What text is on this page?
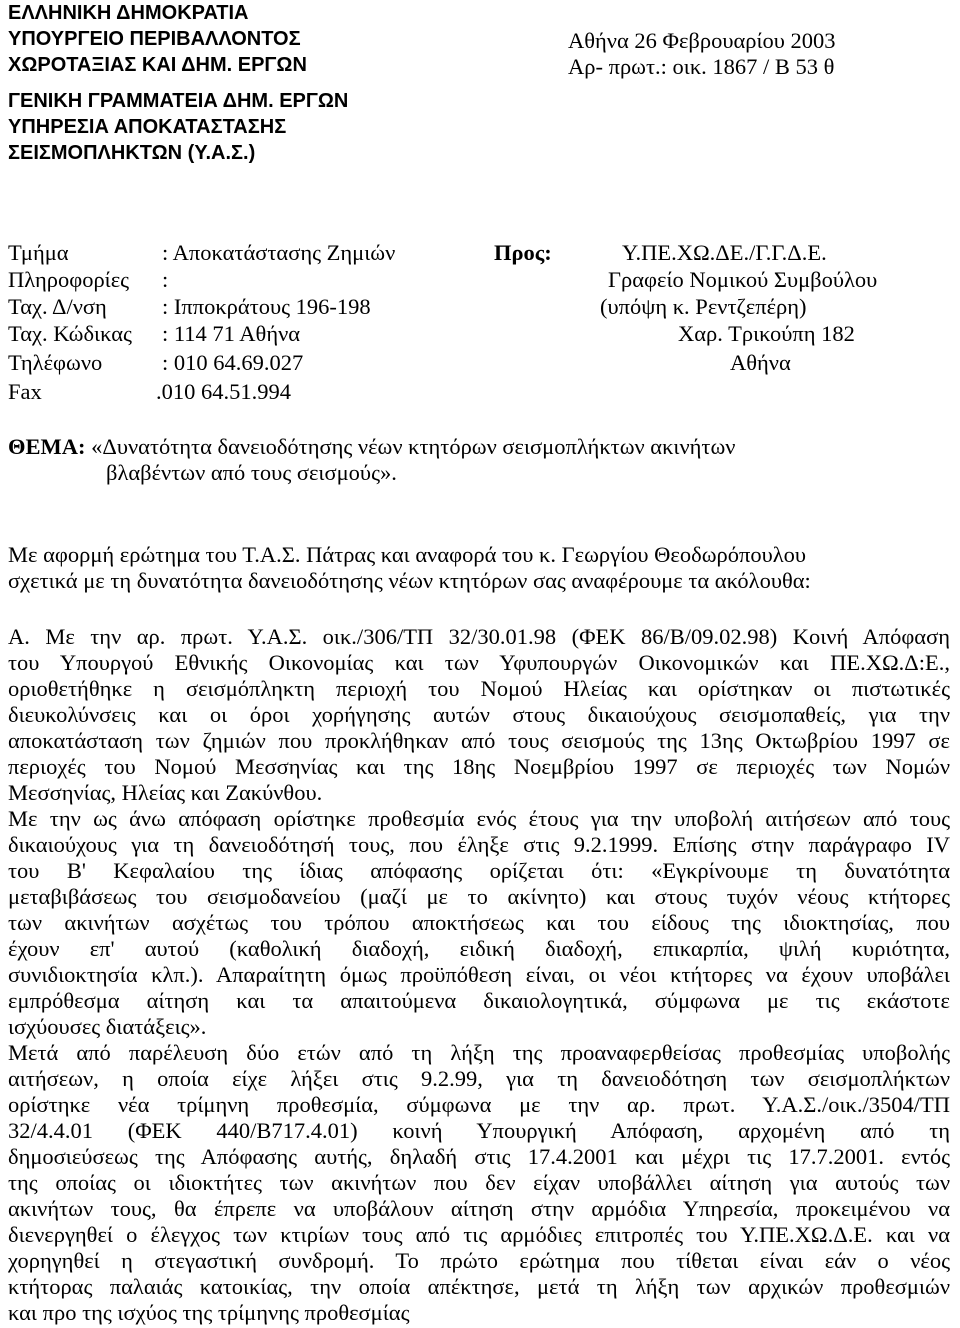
ΕΛΛΗΝΙΚΗ ΔΗΜΟΚΡΑΤΙΑ
ΥΠΟΥΡΓΕΙΟ ΠΕΡΙΒΑΛΛΟΝΤΟΣ
ΧΩΡΟΤΑΞΙΑΣ ΚΑΙ ΔΗΜ. ΕΡΓΩΝ
ΓΕΝΙΚΗ ΓΡΑΜΜΑΤΕΙΑ ΔΗΜ. ΕΡΓΩΝ
ΥΠΗΡΕΣΙΑ ΑΠΟΚΑΤΑΣΤΑΣΗΣ
ΣΕΙΣΜΟΠΛΗΚΤΩΝ (Υ.Α.Σ.)
Αθήνα 26 Φεβρουαρίου 2003
Αρ- πρωτ.: οικ. 1867 / Β 53 θ
Τμήμα	: Αποκατάστασης Ζημιών
Πληροφορίες :
Ταχ. Δ/νση : Ιπποκράτους 196-198
Ταχ. Κώδικας : 114 71 Αθήνα
Τηλέφωνο	: 010 64.69.027
Fax	.010 64.51.994
Προς:	Υ.ΠΕ.ΧΩ.ΔΕ./Γ.Γ.Δ.Ε.
Γραφείο Νομικού Συμβούλου
(υπόψη κ. Ρεντζεπέρη)
Χαρ. Τρικούπη 182
Αθήνα
ΘΕΜΑ: «Δυνατότητα δανειοδότησης νέων κτητόρων σεισμοπλήκτων ακινήτων
βλαβέντων από τους σεισμούς».
Με αφορμή ερώτημα του Τ.Α.Σ. Πάτρας και αναφορά του κ. Γεωργίου Θεοδωρόπουλου
σχετικά με τη δυνατότητα δανειοδότησης νέων κτητόρων σας αναφέρουμε τα ακόλουθα:
Α. Με την αρ. πρωτ. Υ.Α.Σ. οικ./306/ΤΠ 32/30.01.98 (ΦΕΚ 86/Β/09.02.98) Κοινή Απόφαση
του Υπουργού Εθνικής Οικονομίας και των Υφυπουργών Οικονομικών και ΠΕ.ΧΩ.Δ:Ε.,
οριοθετήθηκε η σεισμόπληκτη περιοχή του Νομού Ηλείας και ορίστηκαν οι πιστωτικές
διευκολύνσεις και οι όροι χορήγησης αυτών στους δικαιούχους σεισμοπαθείς, για την
αποκατάσταση των ζημιών που προκλήθηκαν από τους σεισμούς της 13ης Οκτωβρίου 1997 σε
περιοχές του Νομού Μεσσηνίας και της 18ης Νοεμβρίου 1997 σε περιοχές των Νομών
Μεσσηνίας, Ηλείας και Ζακύνθου.
Με την ως άνω απόφαση ορίστηκε προθεσμία ενός έτους για την υποβολή αιτήσεων από τους
δικαιούχους για τη δανειοδότησή τους, που έληξε στις 9.2.1999. Επίσης στην παράγραφο IV
του Β' Κεφαλαίου της ίδιας απόφασης ορίζεται ότι: «Εγκρίνουμε τη δυνατότητα
μεταβιβάσεως του σεισμοδανείου (μαζί με το ακίνητο) και στους τυχόν νέους κτήτορες
των ακινήτων ασχέτως του τρόπου αποκτήσεως και του είδους της ιδιοκτησίας, που
έχουν επ' αυτού (καθολική διαδοχή, ειδική διαδοχή, επικαρπία, ψιλή κυριότητα,
συνιδιοκτησία κλπ.). Απαραίτητη όμως προϋπόθεση είναι, οι νέοι κτήτορες να έχουν υποβάλει
εμπρόθεσμα αίτηση και τα απαιτούμενα δικαιολογητικά, σύμφωνα με τις εκάστοτε
ισχύουσες διατάξεις».
Μετά από παρέλευση δύο ετών από τη λήξη της προαναφερθείσας προθεσμίας υποβολής
αιτήσεων, η οποία είχε λήξει στις 9.2.99, για τη δανειοδότηση των σεισμοπλήκτων
ορίστηκε νέα τρίμηνη προθεσμία, σύμφωνα με την αρ. πρωτ. Υ.Α.Σ./οικ./3504/ΤΠ
32/4.4.01 (ΦΕΚ 440/Β717.4.01) κοινή Υπουργική Απόφαση, αρχομένη από τη
δημοσιεύσεως της Απόφασης αυτής, δηλαδή στις 17.4.2001 και μέχρι τις 17.7.2001. εντός
της οποίας οι ιδιοκτήτες των ακινήτων που δεν είχαν υποβάλλει αίτηση για αυτούς των
ακινήτων τους, θα έπρεπε να υποβάλουν αίτηση στην αρμόδια Υπηρεσία, προκειμένου να
διενεργηθεί ο έλεγχος των κτιρίων τους από τις αρμόδιες επιτροπές του Υ.ΠΕ.ΧΩ.Δ.Ε. και να
χορηγηθεί η στεγαστική συνδρομή. Το πρώτο ερώτημα που τίθεται είναι εάν ο νέος
κτήτορας παλαιάς κατοικίας, την οποία απέκτησε, μετά τη λήξη των αρχικών προθεσμιών
και προ της ισχύος της τρίμηνης προθεσμίας
